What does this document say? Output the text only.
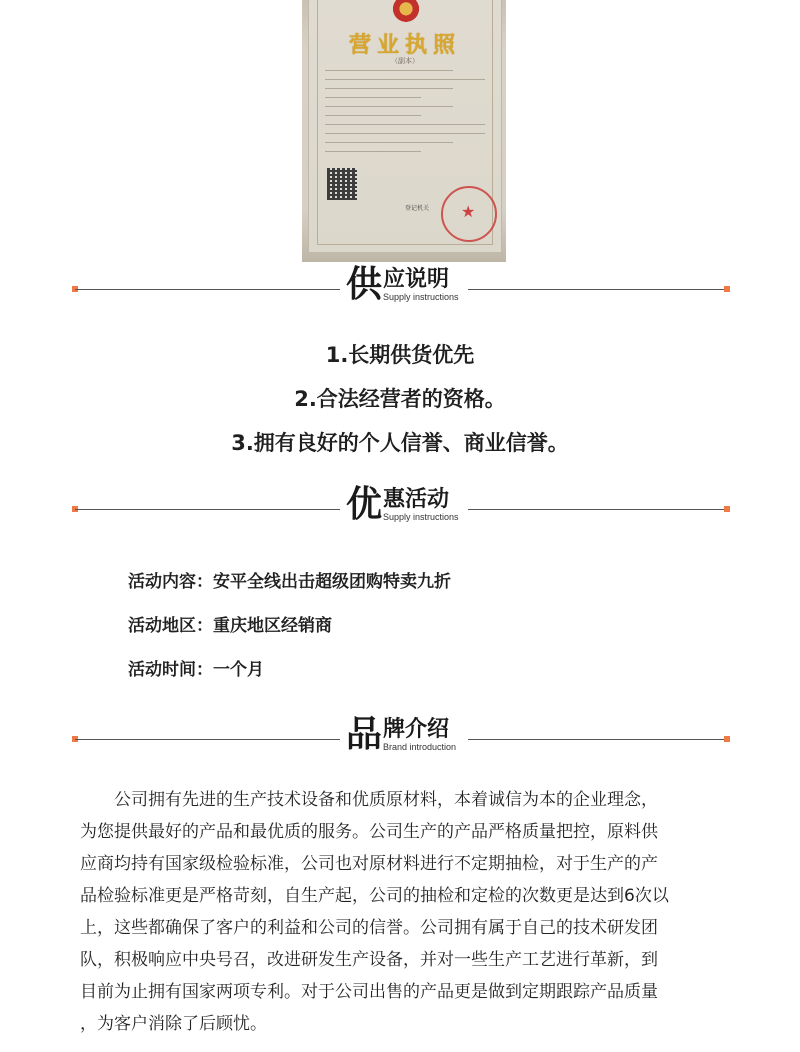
营业执照
（副本）
登记机关 ★
供 应说明
Supply instructions
1.长期供货优先
2.合法经营者的资格。
3.拥有良好的个人信誉、商业信誉。
优 惠活动
Supply instructions
活动内容：安平全线出击超级团购特卖九折
活动地区：重庆地区经销商
活动时间：一个月
品 牌介绍
Brand introduction
　　公司拥有先进的生产技术设备和优质原材料，本着诚信为本的企业理念，
为您提供最好的产品和最优质的服务。公司生产的产品严格质量把控，原料供
应商均持有国家级检验标准，公司也对原材料进行不定期抽检，对于生产的产
品检验标准更是严格苛刻，自生产起，公司的抽检和定检的次数更是达到6次以
上，这些都确保了客户的利益和公司的信誉。公司拥有属于自己的技术研发团
队，积极响应中央号召，改进研发生产设备，并对一些生产工艺进行革新，到
目前为止拥有国家两项专利。对于公司出售的产品更是做到定期跟踪产品质量
，为客户消除了后顾忧。
